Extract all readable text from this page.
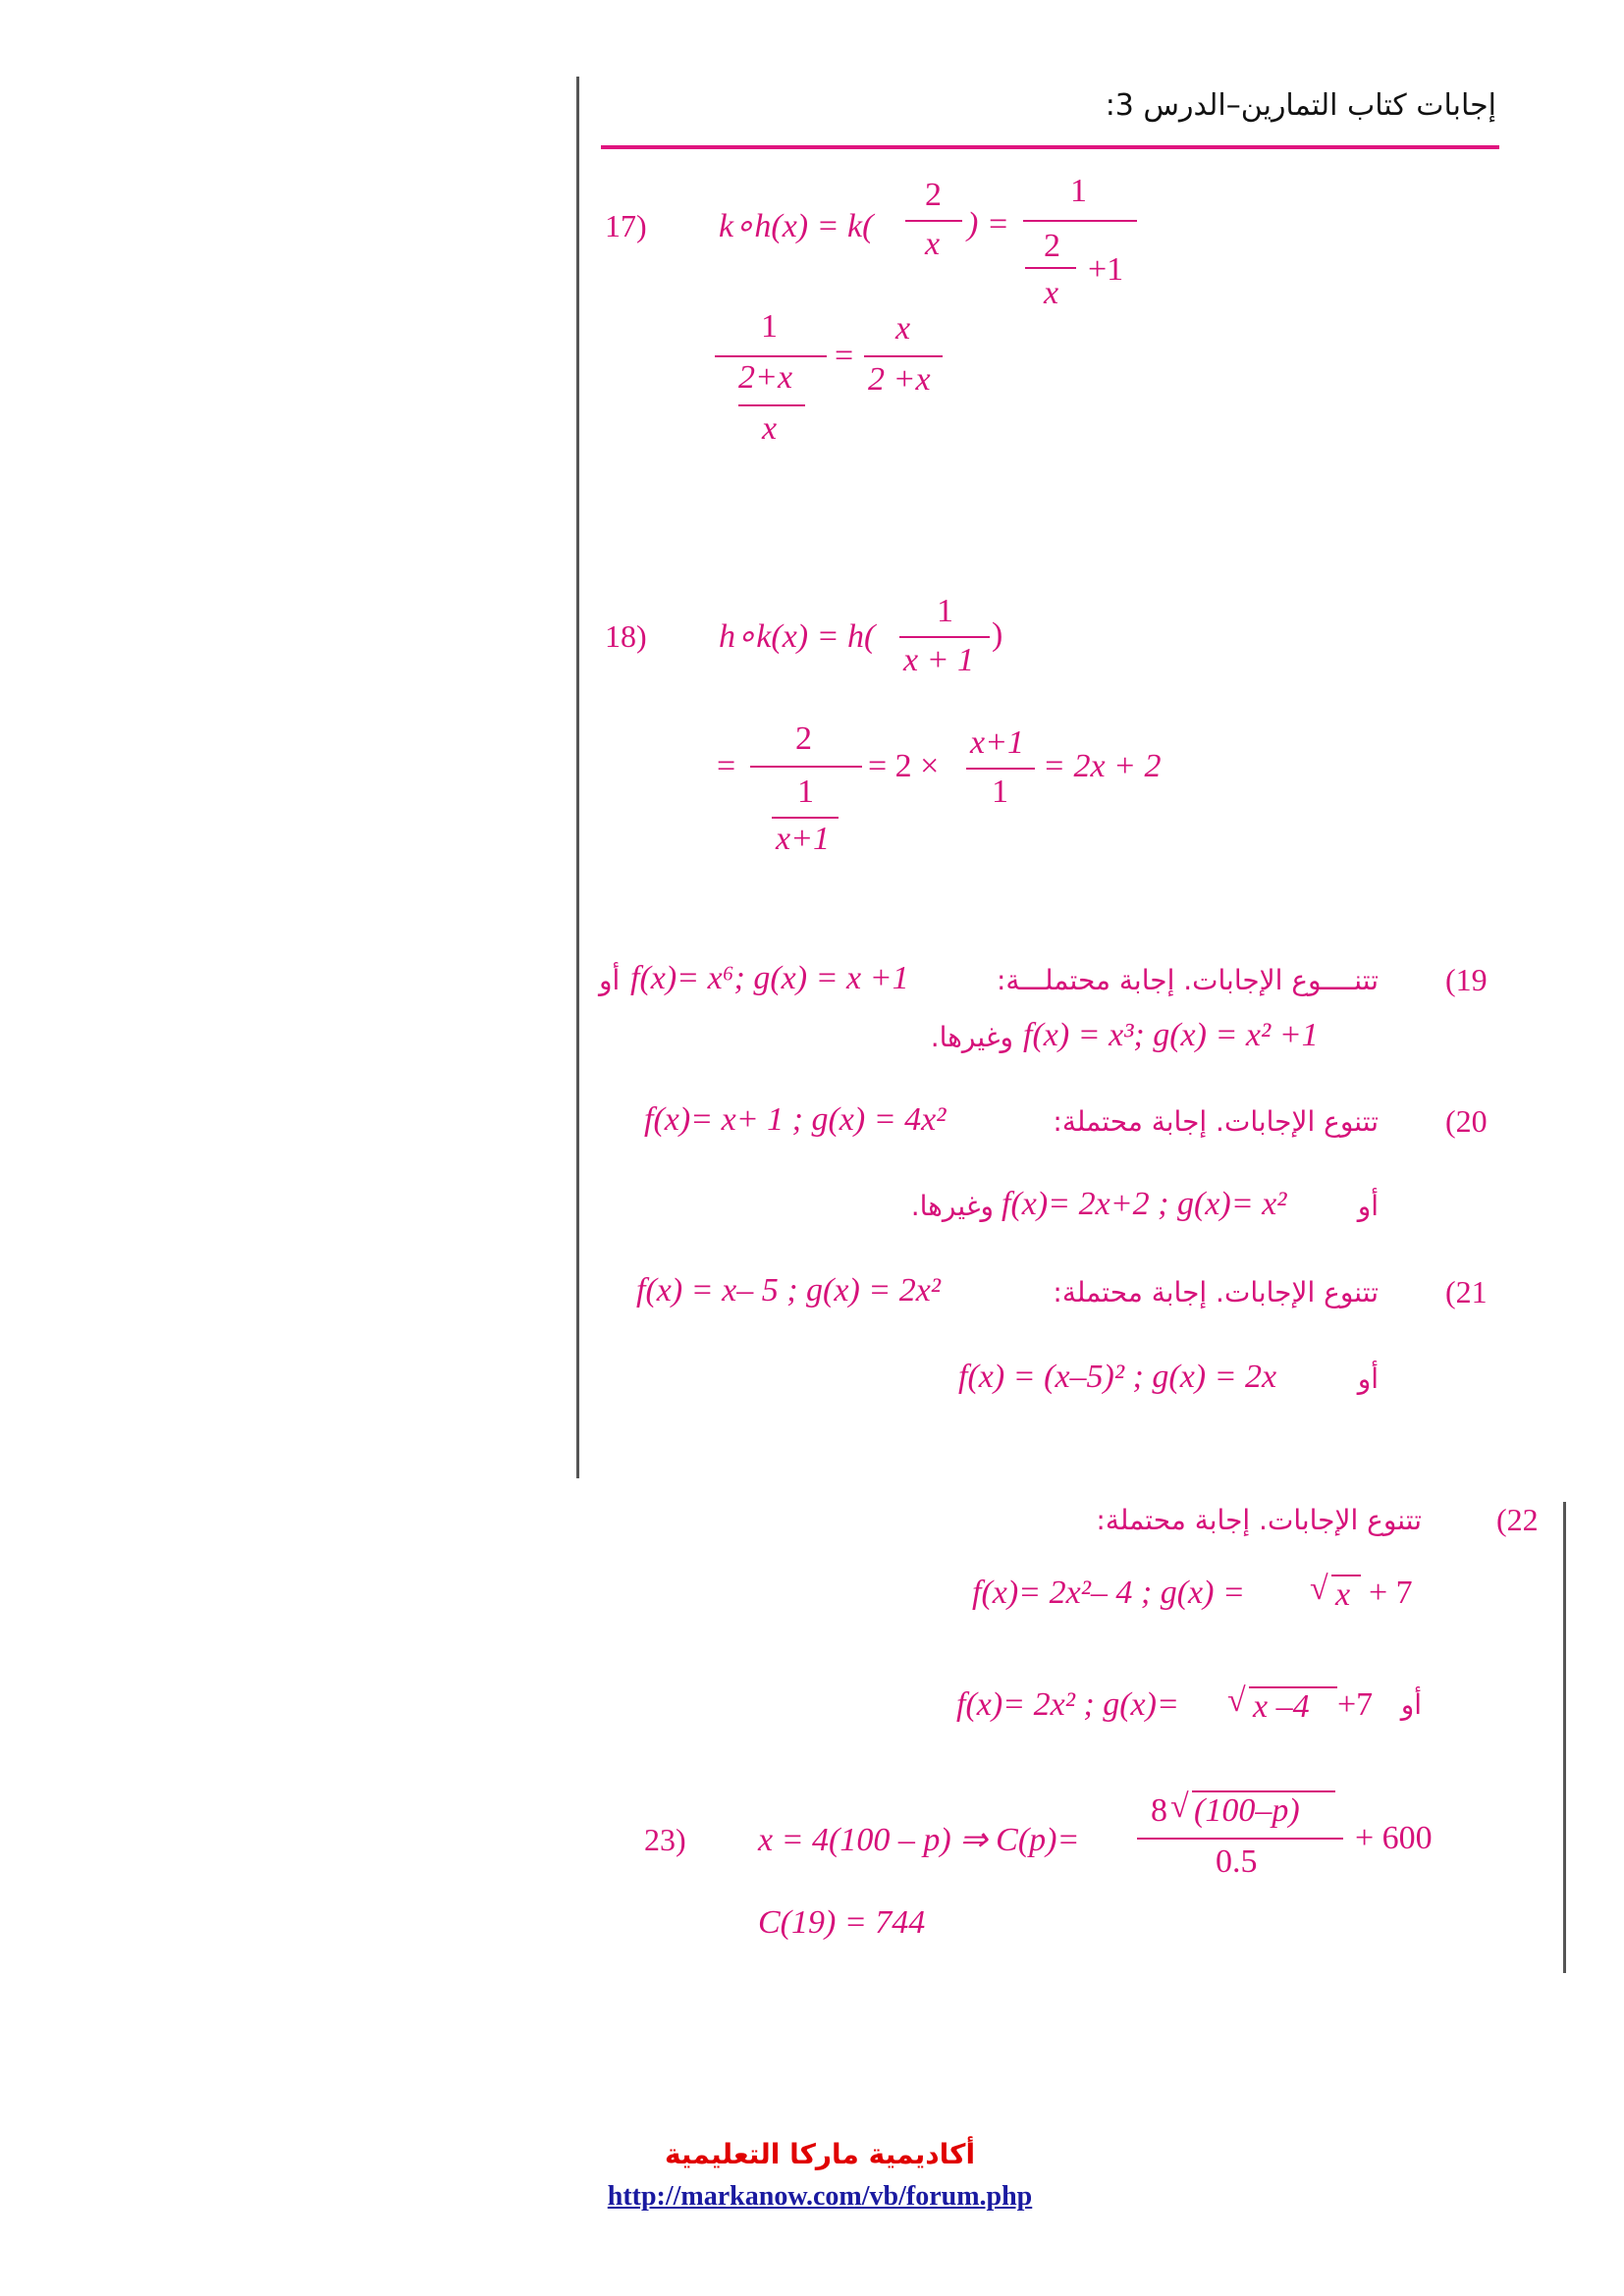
إجابات كتاب التمارين–الدرس 3:
17) k∘h(x) = k(
2
x
) =
1
2
x
+1
1
2+x
x
=
x
2 +x
18) h∘k(x) = h(
1
x + 1
)
=
2
1
x+1
= 2 ×
x+1
1
= 2x + 2
(19
تتنــــوع الإجابات. إجابة محتملـــة:
f(x)= x⁶; g(x) = x +1
أو
f(x) = x³; g(x) = x² +1
وغيرها.
(20
تتنوع الإجابات. إجابة محتملة:
f(x)= x+ 1 ; g(x) = 4x²
أو
f(x)= 2x+2 ; g(x)= x²
وغيرها.
(21
تتنوع الإجابات. إجابة محتملة:
f(x) = x– 5 ; g(x) = 2x²
أو
f(x) = (x–5)² ; g(x) = 2x
(22
تتنوع الإجابات. إجابة محتملة:
f(x)= 2x²– 4 ; g(x) = √ x + 7
أو
f(x)= 2x² ; g(x)= √ x –4 +7
23) x = 4(100 – p) ⇒ C(p)=
8 √ (100–p)
0.5
+ 600
C(19) = 744
أكاديمية ماركا التعليمية
http://markanow.com/vb/forum.php
